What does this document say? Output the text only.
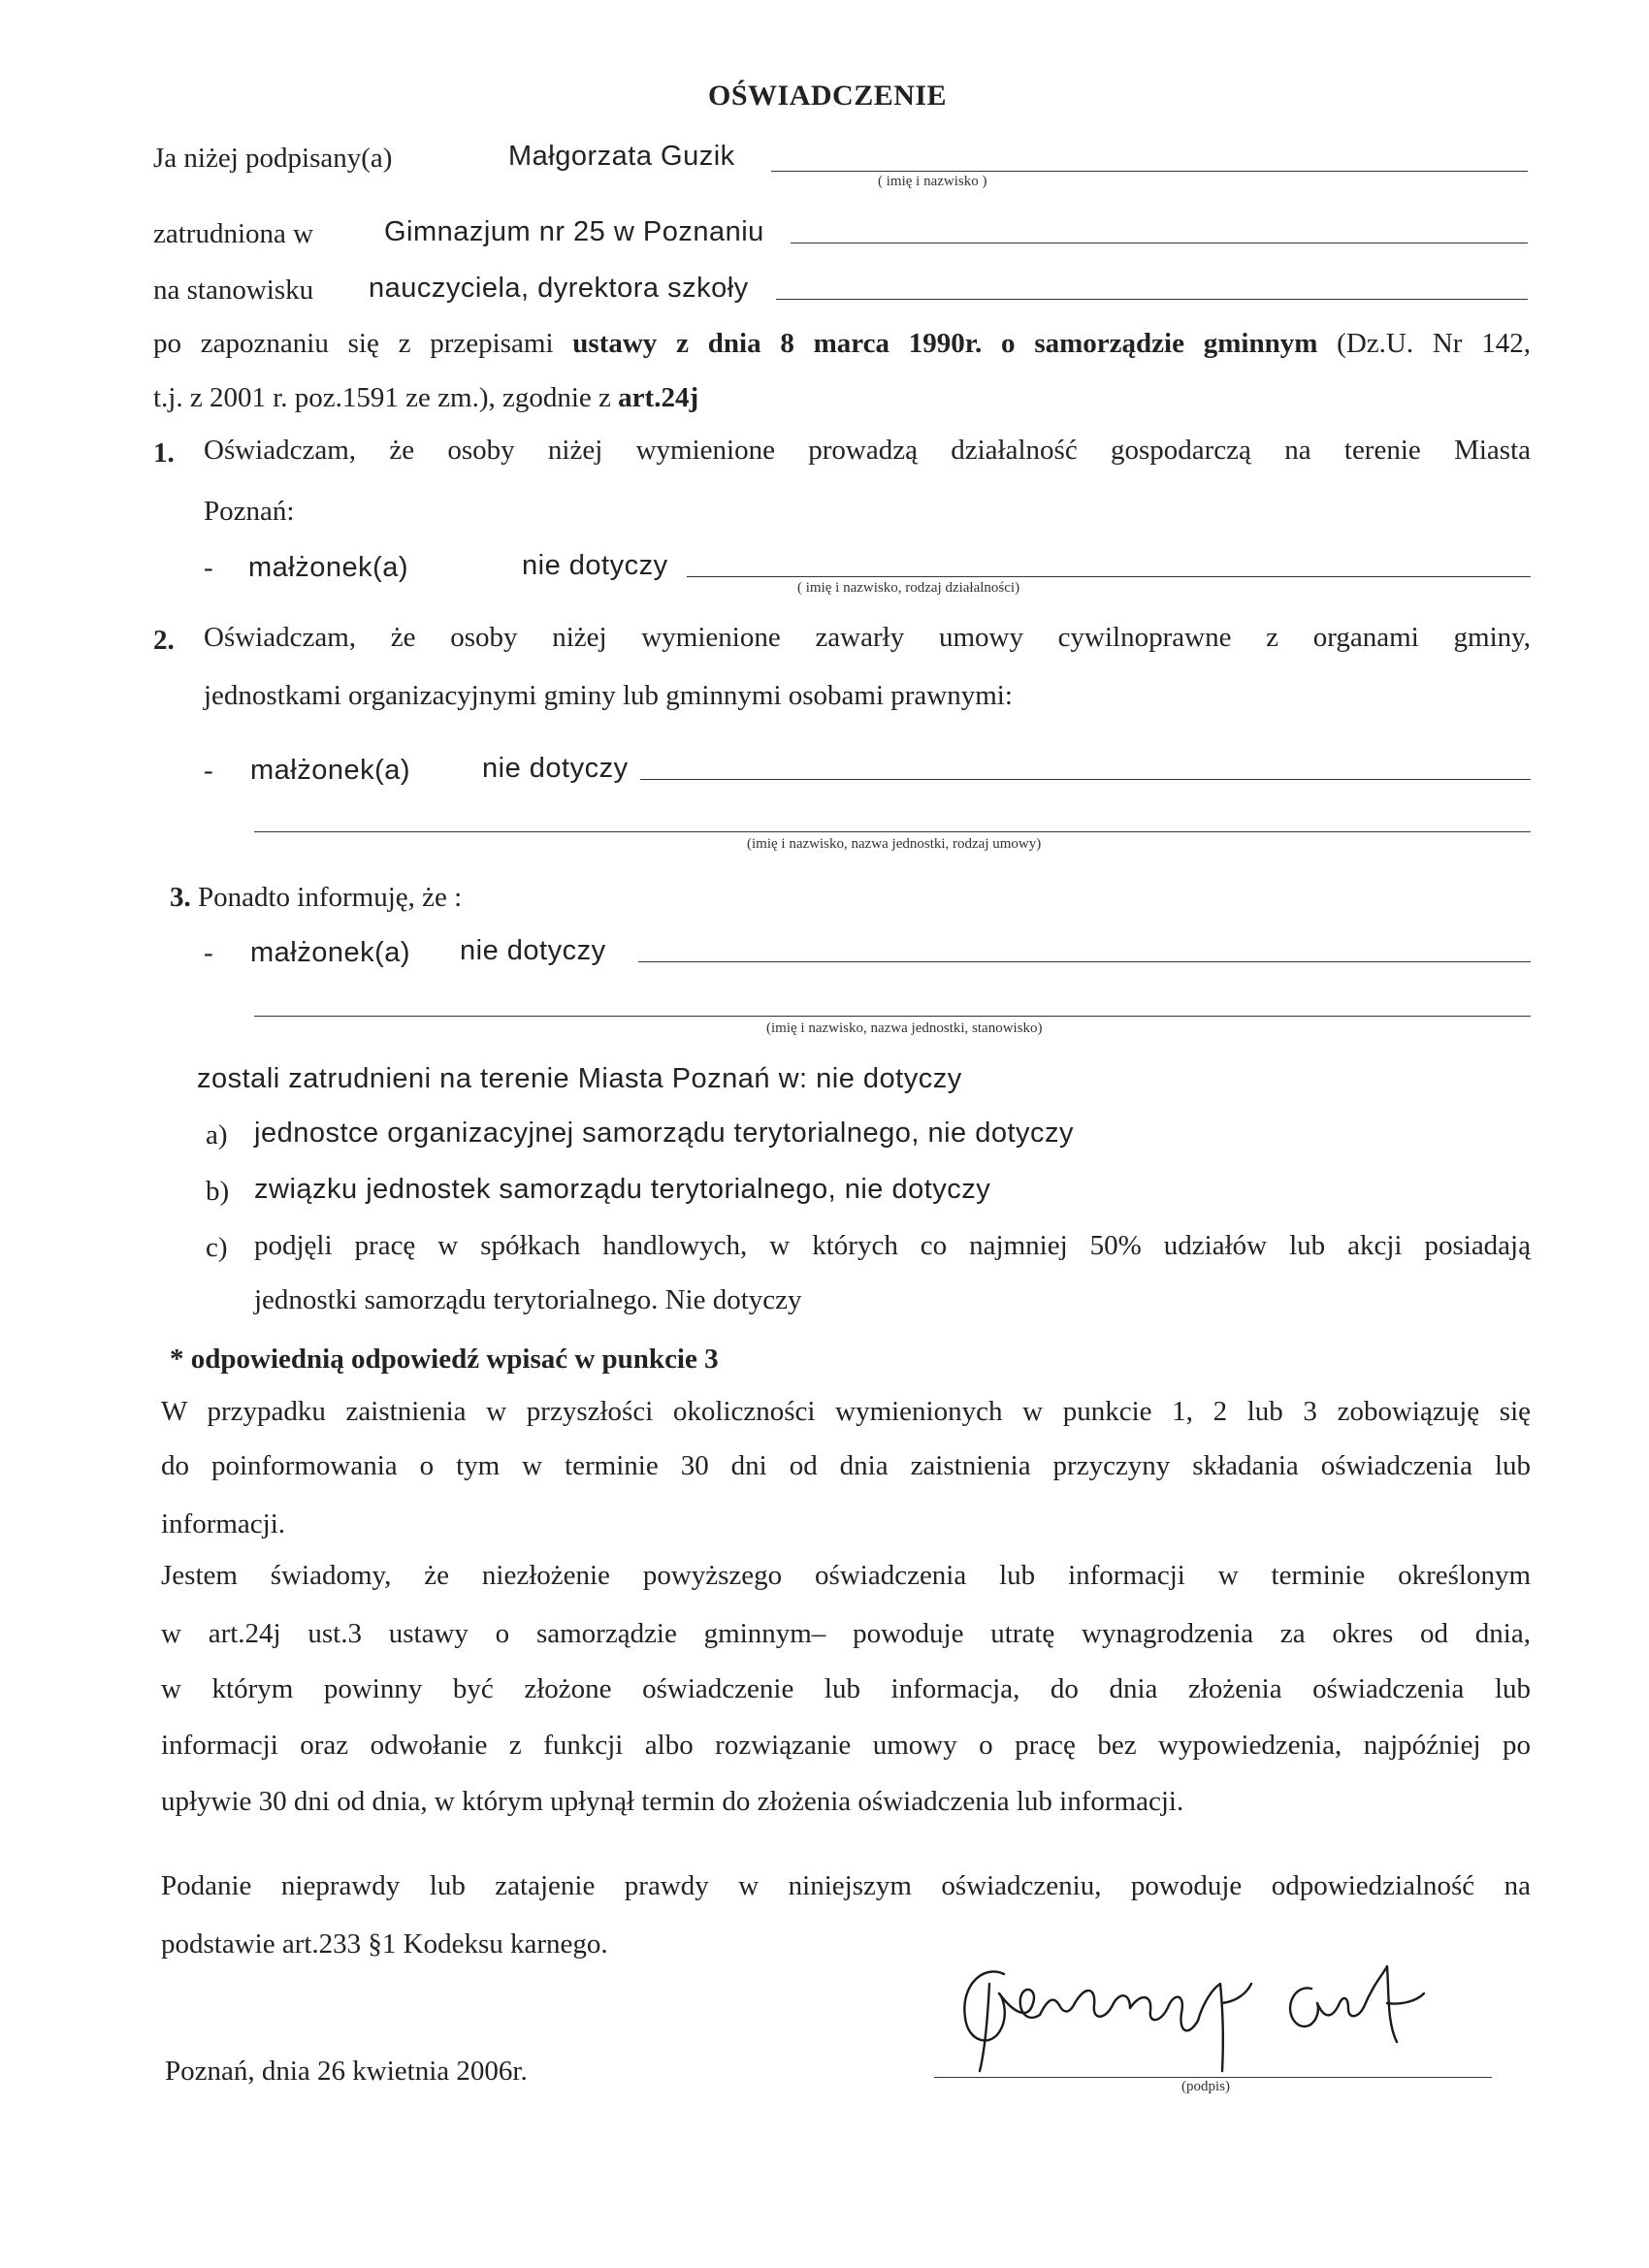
OŚWIADCZENIE
Ja niżej podpisany(a)	Małgorzata Guzik
( imię i nazwisko )
zatrudniona w	Gimnazjum nr 25 w Poznaniu
na stanowisku nauczyciela, dyrektora szkoły
po zapoznaniu się z przepisami ustawy z dnia 8 marca 1990r. o samorządzie gminnym (Dz.U. Nr 142,
t.j. z 2001 r. poz.1591 ze zm.), zgodnie z art.24j
1. Oświadczam, że osoby niżej wymienione prowadzą działalność gospodarczą na terenie Miasta
Poznań:
- małżonek(a)	nie dotyczy
( imię i nazwisko, rodzaj działalności)
2. Oświadczam, że osoby niżej wymienione zawarły umowy cywilnoprawne z organami gminy,
jednostkami organizacyjnymi gminy lub gminnymi osobami prawnymi:
- małżonek(a)	nie dotyczy
(imię i nazwisko, nazwa jednostki, rodzaj umowy)
3. Ponadto informuję, że :
- małżonek(a) nie dotyczy
(imię i nazwisko, nazwa jednostki, stanowisko)
zostali zatrudnieni na terenie Miasta Poznań w: nie dotyczy
a) jednostce organizacyjnej samorządu terytorialnego, nie dotyczy
b) związku jednostek samorządu terytorialnego, nie dotyczy
c) podjęli pracę w spółkach handlowych, w których co najmniej 50% udziałów lub akcji posiadają
jednostki samorządu terytorialnego. Nie dotyczy
* odpowiednią odpowiedź wpisać w punkcie 3
W przypadku zaistnienia w przyszłości okoliczności wymienionych w punkcie 1, 2 lub 3 zobowiązuję się
do poinformowania o tym w terminie 30 dni od dnia zaistnienia przyczyny składania oświadczenia lub
informacji.
Jestem świadomy, że niezłożenie powyższego oświadczenia lub informacji w terminie określonym
w art.24j ust.3 ustawy o samorządzie gminnym– powoduje utratę wynagrodzenia za okres od dnia,
w którym powinny być złożone oświadczenie lub informacja, do dnia złożenia oświadczenia lub
informacji oraz odwołanie z funkcji albo rozwiązanie umowy o pracę bez wypowiedzenia, najpóźniej po
upływie 30 dni od dnia, w którym upłynął termin do złożenia oświadczenia lub informacji.
Podanie nieprawdy lub zatajenie prawdy w niniejszym oświadczeniu, powoduje odpowiedzialność na
podstawie art.233 §1 Kodeksu karnego.
Poznań, dnia 26 kwietnia 2006r.	(podpis)
